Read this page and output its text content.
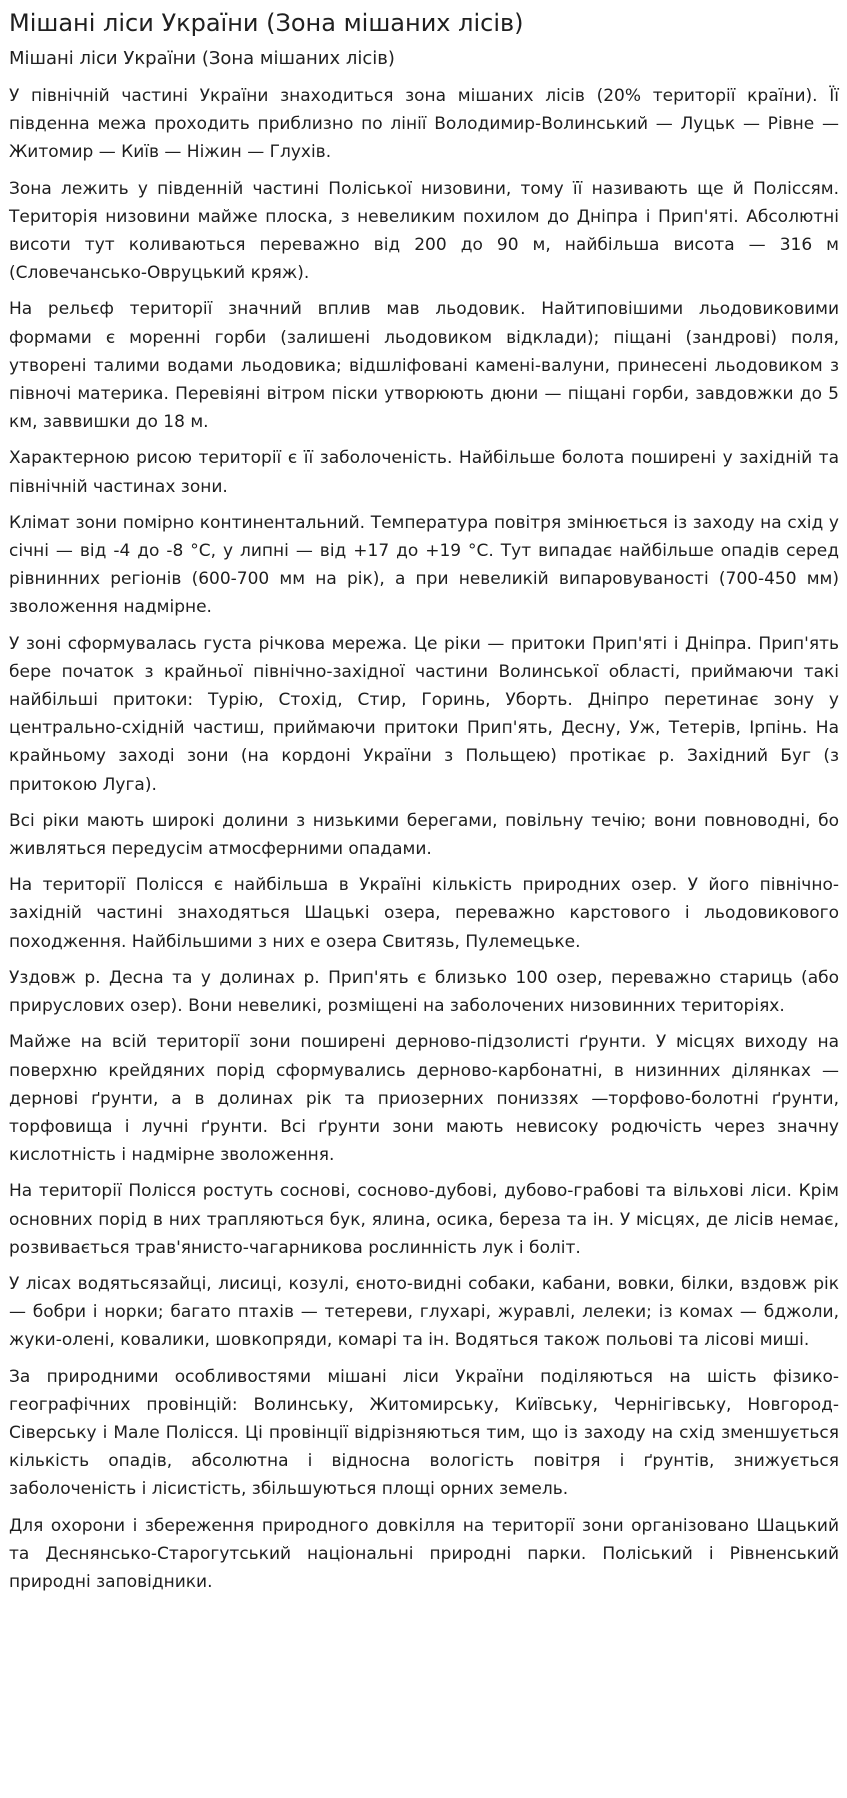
Мішані ліси України (Зона мішаних лісів)
Мішані ліси України (Зона мішаних лісів)

У північній частині України знаходиться зона мішаних лісів (20% території країни). Її південна межа проходить приблизно по лінії Володимир-Волинський — Луцьк — Рівне — Житомир — Київ — Ніжин — Глухів.

Зона лежить у південній частині Поліської низовини, тому її називають ще й Поліссям. Територія низовини майже плоска, з невеликим похилом до Дніпра і Прип'яті. Абсолютні висоти тут коливаються переважно від 200 до 90 м, найбільша висота — 316 м (Словечансько-Овруцький кряж).

На рельєф території значний вплив мав льодовик. Найтиповішими льодовиковими формами є моренні горби (залишені льодовиком відклади); піщані (зандрові) поля, утворені талими водами льодовика; відшліфовані камені-валуни, принесені льодовиком з півночі материка. Перевіяні вітром піски утворюють дюни — піщані горби, завдовжки до 5 км, заввишки до 18 м.

Характерною рисою території є її заболоченість. Найбільше болота поширені у західній та північній частинах зони.

Клімат зони помірно континентальний. Температура повітря змінюється із заходу на схід у січні — від -4 до -8 °С, у липні — від +17 до +19 °С. Тут випадає найбільше опадів серед рівнинних регіонів (600-700 мм на рік), а при невеликій випаровуваності (700-450 мм) зволоження надмірне.

У зоні сформувалась густа річкова мережа. Це ріки — притоки Прип'яті і Дніпра. Прип'ять бере початок з крайньої північно-західної частини Волинської області, приймаючи такі найбільші притоки: Турію, Стохід, Стир, Горинь, Уборть. Дніпро перетинає зону у центрально-східній частиш, приймаючи притоки Прип'ять, Десну, Уж, Тетерів, Ірпінь. На крайньому заході зони (на кордоні України з Польщею) протікає р. Західний Буг (з притокою Луга).

Всі ріки мають широкі долини з низькими берегами, повільну течію; вони повноводні, бо живляться передусім атмосферними опадами.

На території Полісся є найбільша в Україні кількість природних озер. У його північно-західній частині знаходяться Шацькі озера, переважно карстового і льодовикового походження. Найбільшими з них е озера Свитязь, Пулемецьке.

Уздовж р. Десна та у долинах р. Прип'ять є близько 100 озер, переважно стариць (або прируслових озер). Вони невеликі, розміщені на заболочених низовинних територіях.

Майже на всій території зони поширені дерново-підзолисті ґрунти. У місцях виходу на поверхню крейдяних порід сформувались дерново-карбонатні, в низинних ділянках — дернові ґрунти, а в долинах рік та приозерних пониззях —торфово-болотні ґрунти, торфовища і лучні ґрунти. Всі ґрунти зони мають невисоку родючість через значну кислотність і надмірне зволоження.

На території Полісся ростуть соснові, сосново-дубові, дубово-грабові та вільхові ліси. Крім основних порід в них трапляються бук, ялина, осика, береза та ін. У місцях, де лісів немає, розвивається трав'янисто-чагарникова рослинність лук і боліт.

У лісах водятьсязайці, лисиці, козулі, єното-видні собаки, кабани, вовки, білки, вздовж рік — бобри і норки; багато птахів — тетереви, глухарі, журавлі, лелеки; із комах — бджоли, жуки-олені, ковалики, шовкопряди, комарі та ін. Водяться також польові та лісові миші.

За природними особливостями мішані ліси України поділяються на шість фізико-географічних провінцій: Волинську, Житомирську, Київську, Чернігівську, Новгород-Сіверську і Мале Полісся. Ці провінції відрізняються тим, що із заходу на схід зменшується кількість опадів, абсолютна і відносна вологість повітря і ґрунтів, знижується заболоченість і лісистість, збільшуються площі орних земель.

Для охорони і збереження природного довкілля на території зони організовано Шацький та Деснянсько-Старогутський національні природні парки. Поліський і Рівненський природні заповідники.
